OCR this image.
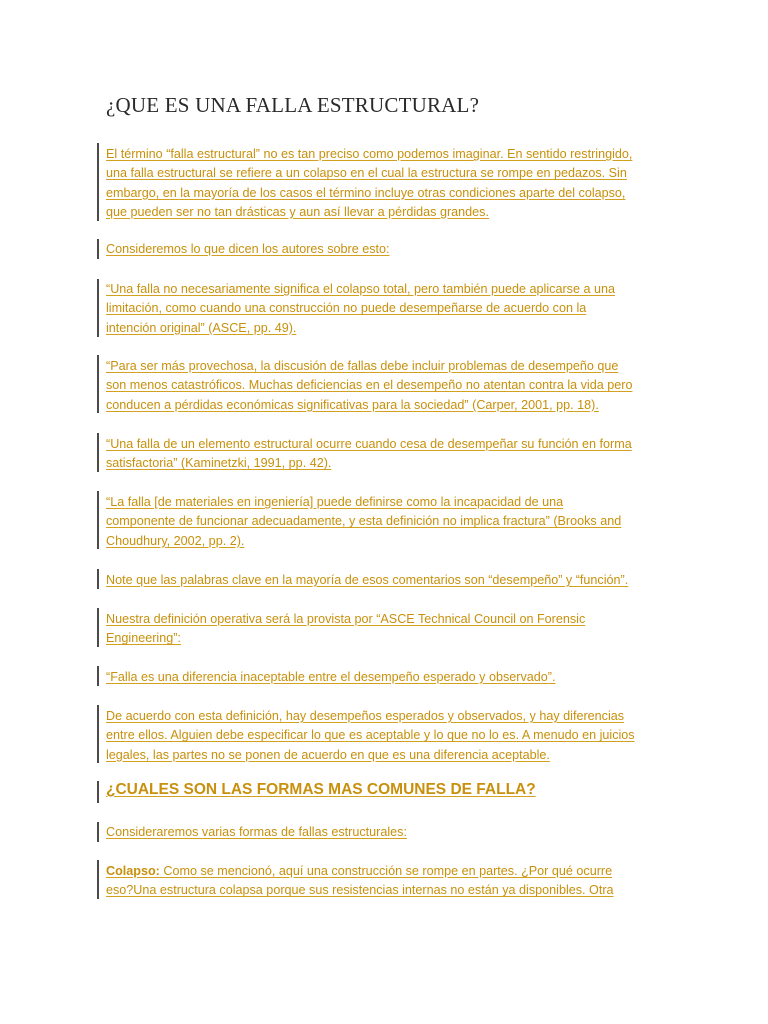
¿QUE ES UNA FALLA ESTRUCTURAL?

El término “falla estructural” no es tan preciso como podemos imaginar. En sentido restringido,
una falla estructural se refiere a un colapso en el cual la estructura se rompe en pedazos. Sin
embargo, en la mayoría de los casos el término incluye otras condiciones aparte del colapso,
que pueden ser no tan drásticas y aun así llevar a pérdidas grandes.

Consideremos lo que dicen los autores sobre esto:

“Una falla no necesariamente significa el colapso total, pero también puede aplicarse a una
limitación, como cuando una construcción no puede desempeñarse de acuerdo con la
intención original” (ASCE, pp. 49).

“Para ser más provechosa, la discusión de fallas debe incluir problemas de desempeño que
son menos catastróficos. Muchas deficiencias en el desempeño no atentan contra la vida pero
conducen a pérdidas económicas significativas para la sociedad” (Carper, 2001, pp. 18).

“Una falla de un elemento estructural ocurre cuando cesa de desempeñar su función en forma
satisfactoria” (Kaminetzki, 1991, pp. 42).

“La falla [de materiales en ingeniería] puede definirse como la incapacidad de una
componente de funcionar adecuadamente, y esta definición no implica fractura” (Brooks and
Choudhury, 2002, pp. 2).

Note que las palabras clave en la mayoría de esos comentarios son “desempeño” y “función”.

Nuestra definición operativa será la provista por “ASCE Technical Council on Forensic
Engineering”:

“Falla es una diferencia inaceptable entre el desempeño esperado y observado”.

De acuerdo con esta definición, hay desempeños esperados y observados, y hay diferencias
entre ellos. Alguien debe especificar lo que es aceptable y lo que no lo es. A menudo en juicios
legales, las partes no se ponen de acuerdo en que es una diferencia aceptable.

¿CUALES SON LAS FORMAS MAS COMUNES DE FALLA?

Consideraremos varias formas de fallas estructurales:

Colapso: Como se mencionó, aquí una construcción se rompe en partes. ¿Por qué ocurre
eso?Una estructura colapsa porque sus resistencias internas no están ya disponibles. Otra
